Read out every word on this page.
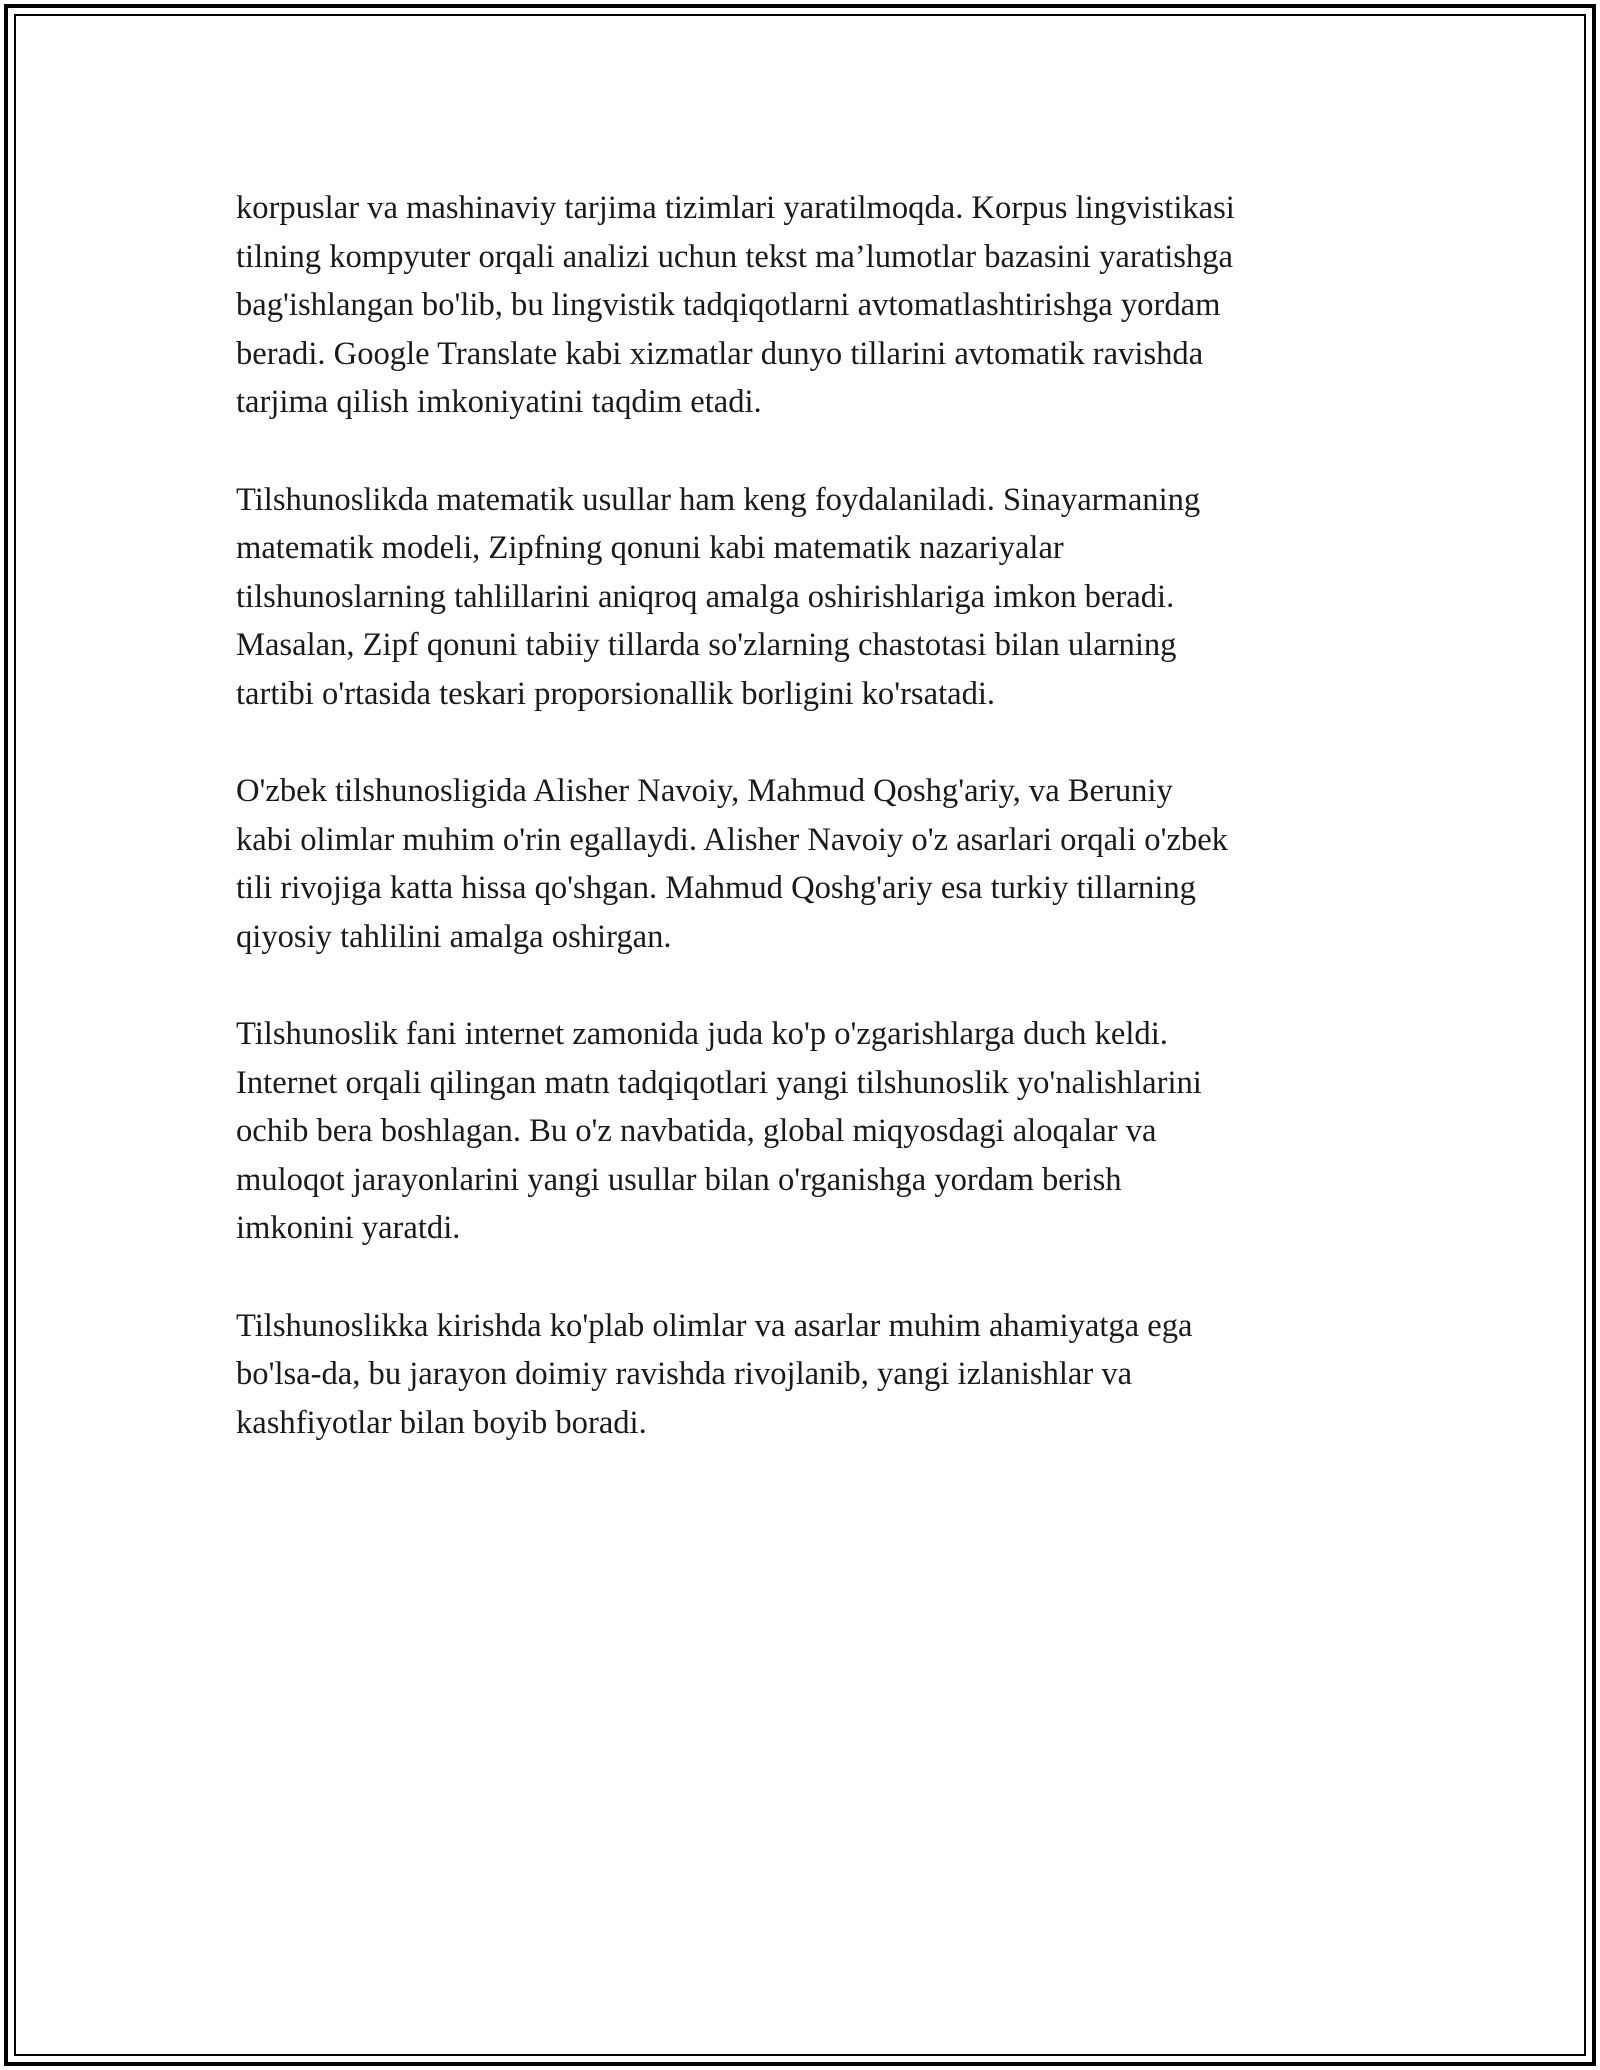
korpuslar va mashinaviy tarjima tizimlari yaratilmoqda. Korpus lingvistikasi
tilning kompyuter orqali analizi uchun tekst ma’lumotlar bazasini yaratishga
bag'ishlangan bo'lib, bu lingvistik tadqiqotlarni avtomatlashtirishga yordam
beradi. Google Translate kabi xizmatlar dunyo tillarini avtomatik ravishda
tarjima qilish imkoniyatini taqdim etadi.

Tilshunoslikda matematik usullar ham keng foydalaniladi. Sinayarmaning
matematik modeli, Zipfning qonuni kabi matematik nazariyalar
tilshunoslarning tahlillarini aniqroq amalga oshirishlariga imkon beradi.
Masalan, Zipf qonuni tabiiy tillarda so'zlarning chastotasi bilan ularning
tartibi o'rtasida teskari proporsionallik borligini ko'rsatadi.

O'zbek tilshunosligida Alisher Navoiy, Mahmud Qoshg'ariy, va Beruniy
kabi olimlar muhim o'rin egallaydi. Alisher Navoiy o'z asarlari orqali o'zbek
tili rivojiga katta hissa qo'shgan. Mahmud Qoshg'ariy esa turkiy tillarning
qiyosiy tahlilini amalga oshirgan.

Tilshunoslik fani internet zamonida juda ko'p o'zgarishlarga duch keldi.
Internet orqali qilingan matn tadqiqotlari yangi tilshunoslik yo'nalishlarini
ochib bera boshlagan. Bu o'z navbatida, global miqyosdagi aloqalar va
muloqot jarayonlarini yangi usullar bilan o'rganishga yordam berish
imkonini yaratdi.

Tilshunoslikka kirishda ko'plab olimlar va asarlar muhim ahamiyatga ega
bo'lsa-da, bu jarayon doimiy ravishda rivojlanib, yangi izlanishlar va
kashfiyotlar bilan boyib boradi.
